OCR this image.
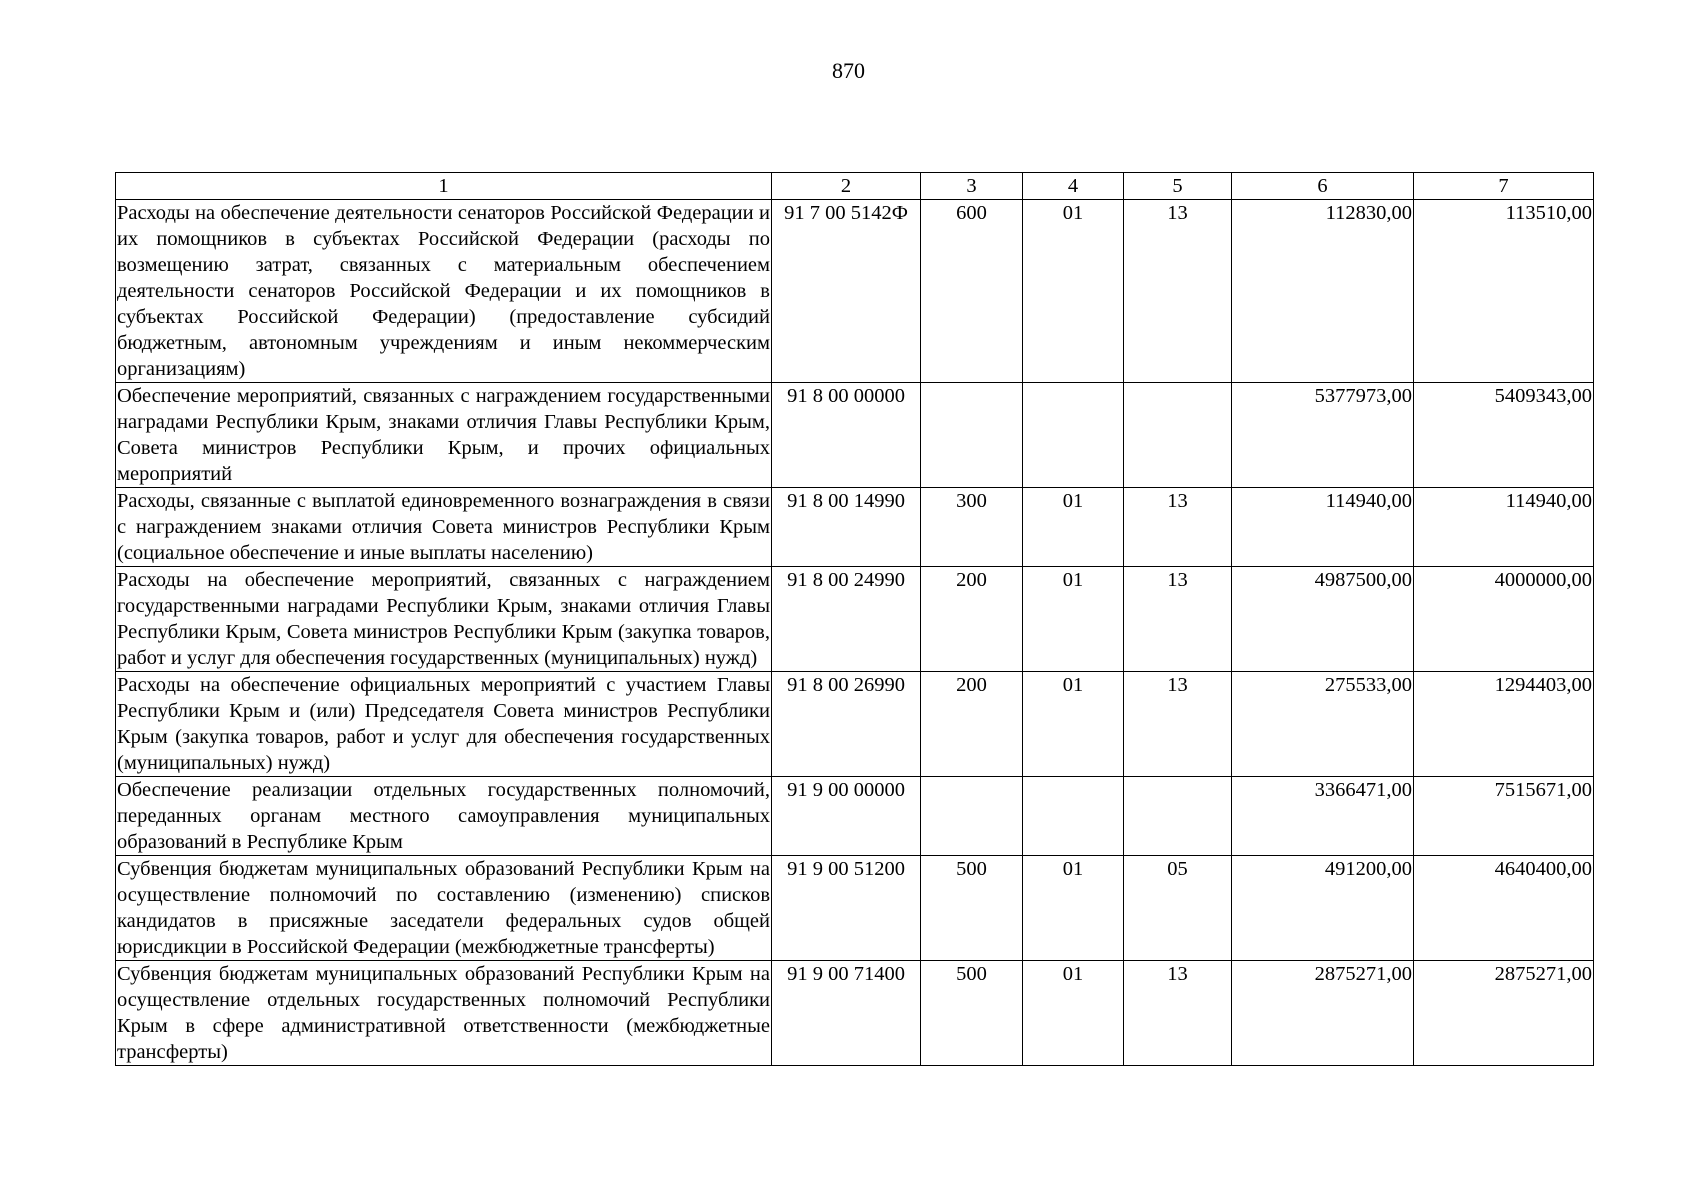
870
1	2	3	4	5	6	7
Расходы на обеспечение деятельности сенаторов Российской Федерации и их помощников в субъектах Российской Федерации (расходы по возмещению затрат, связанных с материальным обеспечением деятельности сенаторов Российской Федерации и их помощников в субъектах Российской Федерации) (предоставление субсидий бюджетным, автономным учреждениям и иным некоммерческим организациям)	91 7 00 5142Ф	600	01	13	112830,00	113510,00
Обеспечение мероприятий, связанных с награждением государственными наградами Республики Крым, знаками отличия Главы Республики Крым, Совета министров Республики Крым, и прочих официальных мероприятий	91 8 00 00000				5377973,00	5409343,00
Расходы, связанные с выплатой единовременного вознаграждения в связи с награждением знаками отличия Совета министров Республики Крым (социальное обеспечение и иные выплаты населению)	91 8 00 14990	300	01	13	114940,00	114940,00
Расходы на обеспечение мероприятий, связанных с награждением государственными наградами Республики Крым, знаками отличия Главы Республики Крым, Совета министров Республики Крым (закупка товаров, работ и услуг для обеспечения государственных (муниципальных) нужд)	91 8 00 24990	200	01	13	4987500,00	4000000,00
Расходы на обеспечение официальных мероприятий с участием Главы Республики Крым и (или) Председателя Совета министров Республики Крым (закупка товаров, работ и услуг для обеспечения государственных (муниципальных) нужд)	91 8 00 26990	200	01	13	275533,00	1294403,00
Обеспечение реализации отдельных государственных полномочий, переданных органам местного самоуправления муниципальных образований в Республике Крым	91 9 00 00000				3366471,00	7515671,00
Субвенция бюджетам муниципальных образований Республики Крым на осуществление полномочий по составлению (изменению) списков кандидатов в присяжные заседатели федеральных судов общей юрисдикции в Российской Федерации (межбюджетные трансферты)	91 9 00 51200	500	01	05	491200,00	4640400,00
Субвенция бюджетам муниципальных образований Республики Крым на осуществление отдельных государственных полномочий Республики Крым в сфере административной ответственности (межбюджетные трансферты)	91 9 00 71400	500	01	13	2875271,00	2875271,00
